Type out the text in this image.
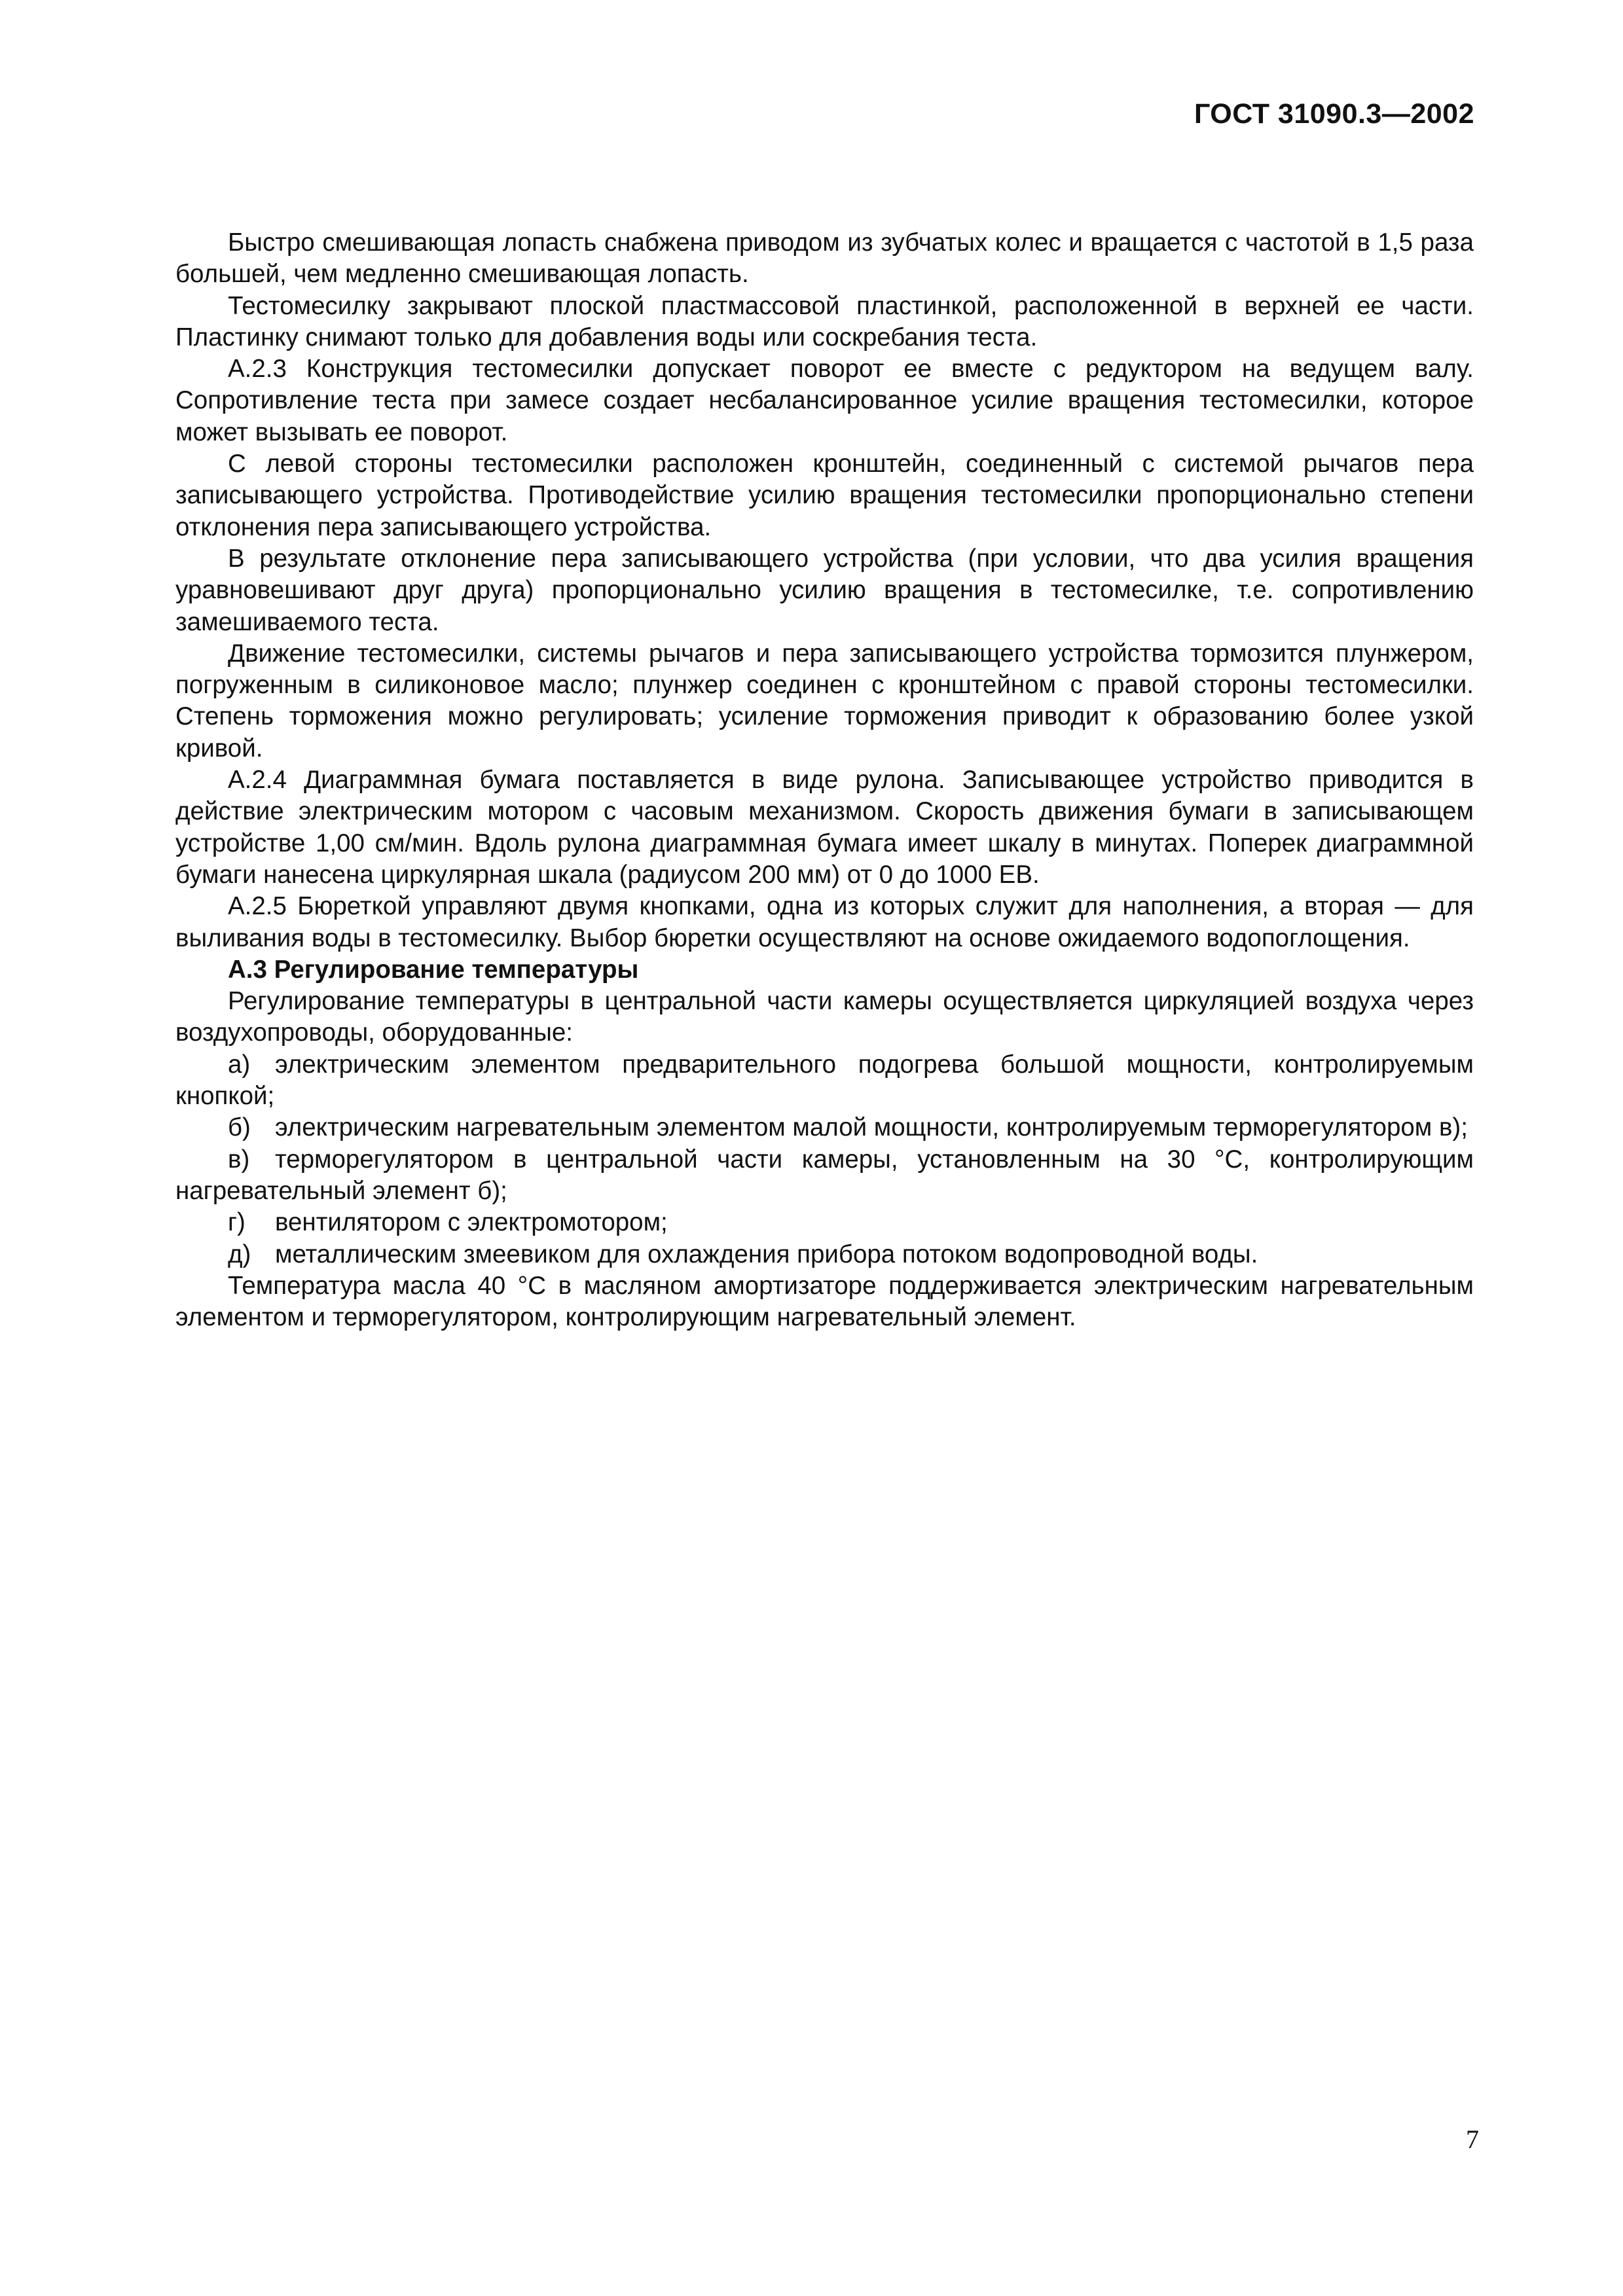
ГОСТ 31090.3—2002

Быстро смешивающая лопасть снабжена приводом из зубчатых колес и вращается с частотой в 1,5 раза большей, чем медленно смешивающая лопасть.

Тестомесилку закрывают плоской пластмассовой пластинкой, расположенной в верхней ее части. Пластинку снимают только для добавления воды или соскребания теста.

А.2.3 Конструкция тестомесилки допускает поворот ее вместе с редуктором на ведущем валу. Сопротивление теста при замесе создает несбалансированное усилие вращения тестомесилки, которое может вызывать ее поворот.

С левой стороны тестомесилки расположен кронштейн, соединенный с системой рычагов пера записывающего устройства. Противодействие усилию вращения тестомесилки пропорционально степени отклонения пера записывающего устройства.

В результате отклонение пера записывающего устройства (при условии, что два усилия вращения уравновешивают друг друга) пропорционально усилию вращения в тестомесилке, т.е. сопротивлению замешиваемого теста.

Движение тестомесилки, системы рычагов и пера записывающего устройства тормозится плунжером, погруженным в силиконовое масло; плунжер соединен с кронштейном с правой стороны тестомесилки. Степень торможения можно регулировать; усиление торможения приводит к образованию более узкой кривой.

А.2.4 Диаграммная бумага поставляется в виде рулона. Записывающее устройство приводится в действие электрическим мотором с часовым механизмом. Скорость движения бумаги в записывающем устройстве 1,00 см/мин. Вдоль рулона диаграммная бумага имеет шкалу в минутах. Поперек диаграммной бумаги нанесена циркулярная шкала (радиусом 200 мм) от 0 до 1000 ЕВ.

А.2.5 Бюреткой управляют двумя кнопками, одна из которых служит для наполнения, а вторая — для выливания воды в тестомесилку. Выбор бюретки осуществляют на основе ожидаемого водопоглощения.

А.3 Регулирование температуры

Регулирование температуры в центральной части камеры осуществляется циркуляцией воздуха через воздухопроводы, оборудованные:

а) электрическим элементом предварительного подогрева большой мощности, контролируемым кнопкой;

б) электрическим нагревательным элементом малой мощности, контролируемым терморегулятором в);

в) терморегулятором в центральной части камеры, установленным на 30 °С, контролирующим нагревательный элемент б);

г) вентилятором с электромотором;

д) металлическим змеевиком для охлаждения прибора потоком водопроводной воды.

Температура масла 40 °С в масляном амортизаторе поддерживается электрическим нагревательным элементом и терморегулятором, контролирующим нагревательный элемент.

7
